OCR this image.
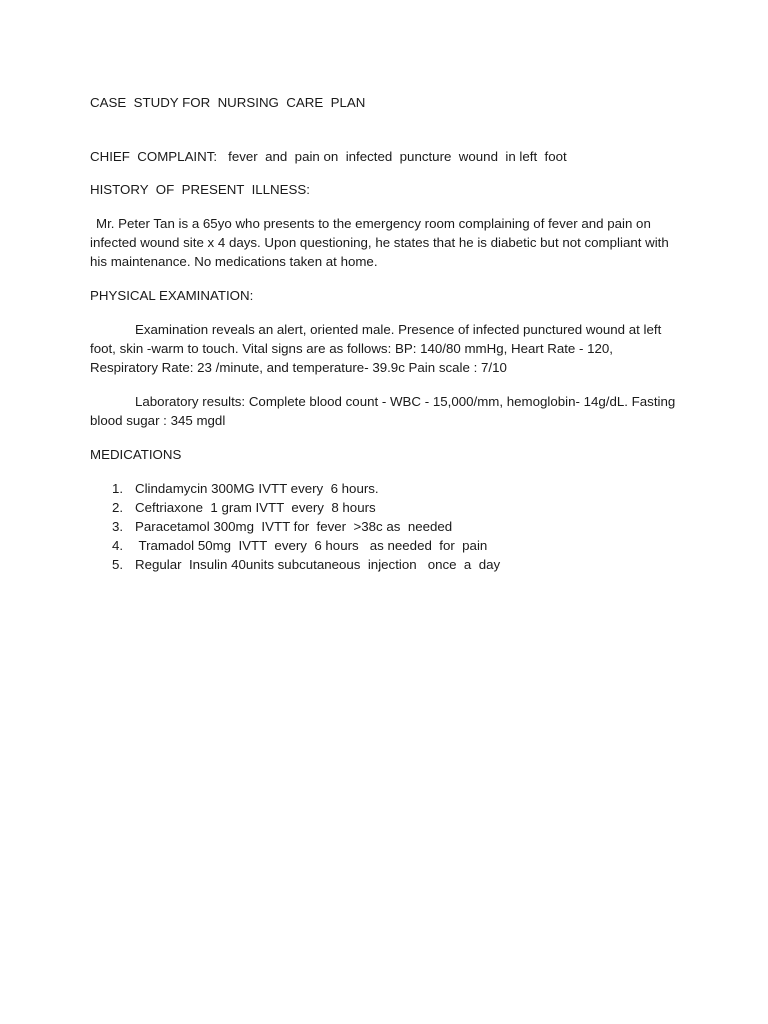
CASE  STUDY FOR  NURSING  CARE  PLAN

CHIEF  COMPLAINT:   fever  and  pain on  infected  puncture  wound  in left  foot

HISTORY  OF  PRESENT  ILLNESS:

Mr. Peter Tan is a 65yo who presents to the emergency room complaining of fever and pain on infected wound site x 4 days. Upon questioning, he states that he is diabetic but not compliant with his maintenance. No medications taken at home.

PHYSICAL EXAMINATION:

Examination reveals an alert, oriented male. Presence of infected punctured wound at left foot, skin -warm to touch. Vital signs are as follows: BP: 140/80 mmHg, Heart Rate - 120, Respiratory Rate: 23 /minute, and temperature- 39.9c Pain scale : 7/10

Laboratory results: Complete blood count - WBC - 15,000/mm, hemoglobin- 14g/dL. Fasting blood sugar : 345 mgdl

MEDICATIONS

1. Clindamycin 300MG IVTT every  6 hours.
2. Ceftriaxone  1 gram IVTT  every  8 hours
3. Paracetamol 300mg  IVTT for  fever  >38c as  needed
4. Tramadol 50mg  IVTT  every  6 hours   as needed  for  pain
5. Regular  Insulin 40units subcutaneous  injection   once  a  day
